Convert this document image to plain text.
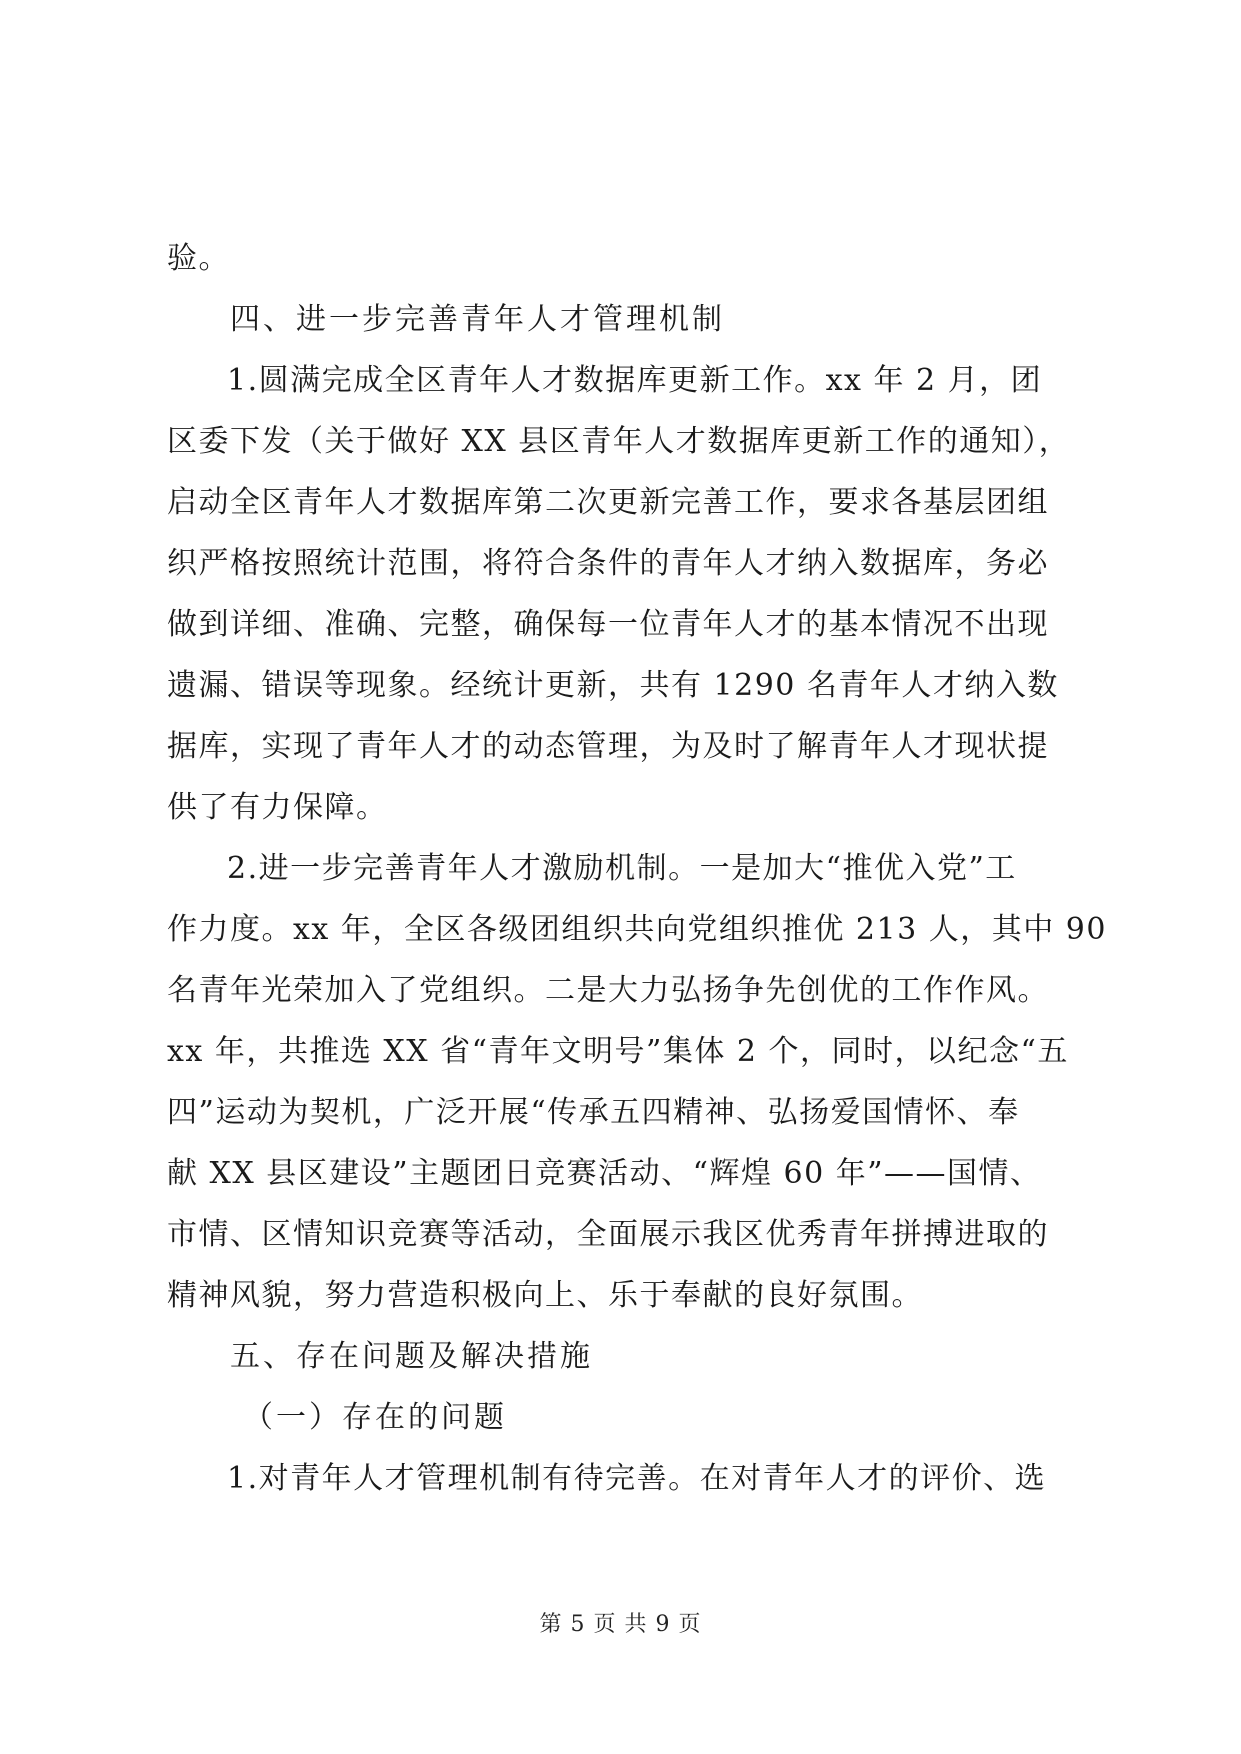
验。
四、进一步完善青年人才管理机制
1.圆满完成全区青年人才数据库更新工作。xx 年 2 月，团
区委下发（关于做好 XX 县区青年人才数据库更新工作的通知），
启动全区青年人才数据库第二次更新完善工作，要求各基层团组
织严格按照统计范围，将符合条件的青年人才纳入数据库，务必
做到详细、准确、完整，确保每一位青年人才的基本情况不出现
遗漏、错误等现象。经统计更新，共有 1290 名青年人才纳入数
据库，实现了青年人才的动态管理，为及时了解青年人才现状提
供了有力保障。
2.进一步完善青年人才激励机制。一是加大“推优入党”工
作力度。xx 年，全区各级团组织共向党组织推优 213 人，其中 90
名青年光荣加入了党组织。二是大力弘扬争先创优的工作作风。
xx 年，共推选 XX 省“青年文明号”集体 2 个，同时，以纪念“五
四”运动为契机，广泛开展“传承五四精神、弘扬爱国情怀、奉
献 XX 县区建设”主题团日竞赛活动、“辉煌 60 年”——国情、
市情、区情知识竞赛等活动，全面展示我区优秀青年拼搏进取的
精神风貌，努力营造积极向上、乐于奉献的良好氛围。
五、存在问题及解决措施
（一）存在的问题
1.对青年人才管理机制有待完善。在对青年人才的评价、选
第 5 页 共 9 页
